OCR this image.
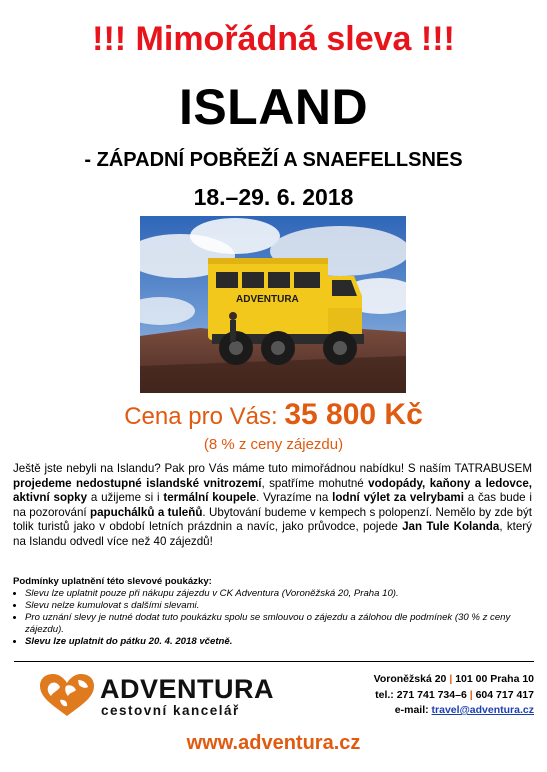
!!! Mimořádná sleva !!!
ISLAND
- ZÁPADNÍ POBŘEŽÍ A SNAEFELLSNES
18.–29. 6. 2018
ADVENTURA
Cena pro Vás: 35 800 Kč
(8 % z ceny zájezdu)
Ještě jste nebyli na Islandu? Pak pro Vás máme tuto mimořádnou nabídku! S naším TATRABUSEM projedeme nedostupné islandské vnitrozemí, spatříme mohutné vodopády, kaňony a ledovce, aktivní sopky a užijeme si i termální koupele. Vyrazíme na lodní výlet za velrybami a čas bude i na pozorování papuchálků a tuleňů. Ubytování budeme v kempech s polopenzí. Nemělo by zde být tolik turistů jako v období letních prázdnin a navíc, jako průvodce, pojede Jan Tule Kolanda, který na Islandu odvedl více než 40 zájezdů!
Podmínky uplatnění této slevové poukázky:
• Slevu lze uplatnit pouze při nákupu zájezdu v CK Adventura (Voroněžská 20, Praha 10).
• Slevu nelze kumulovat s dalšími slevami.
• Pro uznání slevy je nutné dodat tuto poukázku spolu se smlouvou o zájezdu a zálohou dle podmínek (30 % z ceny zájezdu).
• Slevu lze uplatnit do pátku 20. 4. 2018 včetně.
ADVENTURA
cestovní kancelář
Voroněžská 20 | 101 00 Praha 10
tel.: 271 741 734–6 | 604 717 417
e-mail: travel@adventura.cz
www.adventura.cz
